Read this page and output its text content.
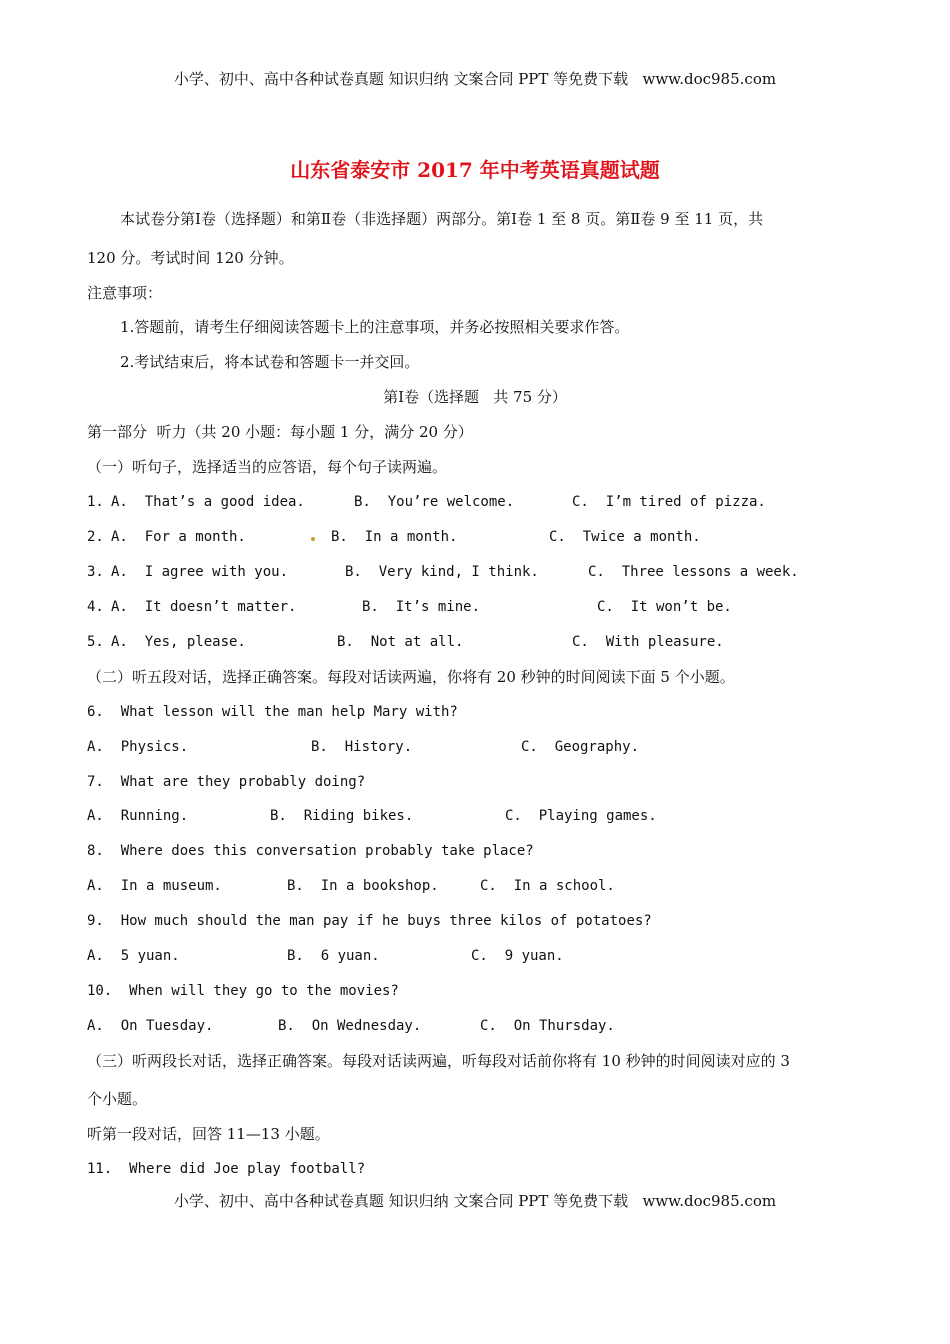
小学、初中、高中各种试卷真题 知识归纳 文案合同 PPT 等免费下载   www.doc985.com
山东省泰安市 2017 年中考英语真题试题
本试卷分第Ⅰ卷（选择题）和第Ⅱ卷（非选择题）两部分。第Ⅰ卷 1 至 8 页。第Ⅱ卷 9 至 11 页，共
120 分。考试时间 120 分钟。
注意事项：
1.答题前，请考生仔细阅读答题卡上的注意事项，并务必按照相关要求作答。
2.考试结束后，将本试卷和答题卡一并交回。
第Ⅰ卷（选择题   共 75 分）
第一部分  听力（共 20 小题：每小题 1 分，满分 20 分）
（一）听句子，选择适当的应答语，每个句子读两遍。
1. A.  That’s a good idea.	B.  You’re welcome.	C.  I’m tired of pizza.
2. A.  For a month.	B.  In a month.	C.  Twice a month.
3. A.  I agree with you.	B.  Very kind, I think.	C.  Three lessons a week.
4. A.  It doesn’t matter.	B.  It’s mine.	C.  It won’t be.
5. A.  Yes, please.	B.  Not at all.	C.  With pleasure.
（二）听五段对话，选择正确答案。每段对话读两遍，你将有 20 秒钟的时间阅读下面 5 个小题。
6.  What lesson will the man help Mary with?
A.  Physics.	B.  History.	C.  Geography.
7.  What are they probably doing?
A.  Running.	B.  Riding bikes.	C.  Playing games.
8.  Where does this conversation probably take place?
A.  In a museum.	B.  In a bookshop.	C.  In a school.
9.  How much should the man pay if he buys three kilos of potatoes?
A.  5 yuan.	B.  6 yuan.	C.  9 yuan.
10.  When will they go to the movies?
A.  On Tuesday.	B.  On Wednesday.	C.  On Thursday.
（三）听两段长对话，选择正确答案。每段对话读两遍，听每段对话前你将有 10 秒钟的时间阅读对应的 3
个小题。
听第一段对话，回答 11—13 小题。
11.  Where did Joe play football?
小学、初中、高中各种试卷真题 知识归纳 文案合同 PPT 等免费下载   www.doc985.com
